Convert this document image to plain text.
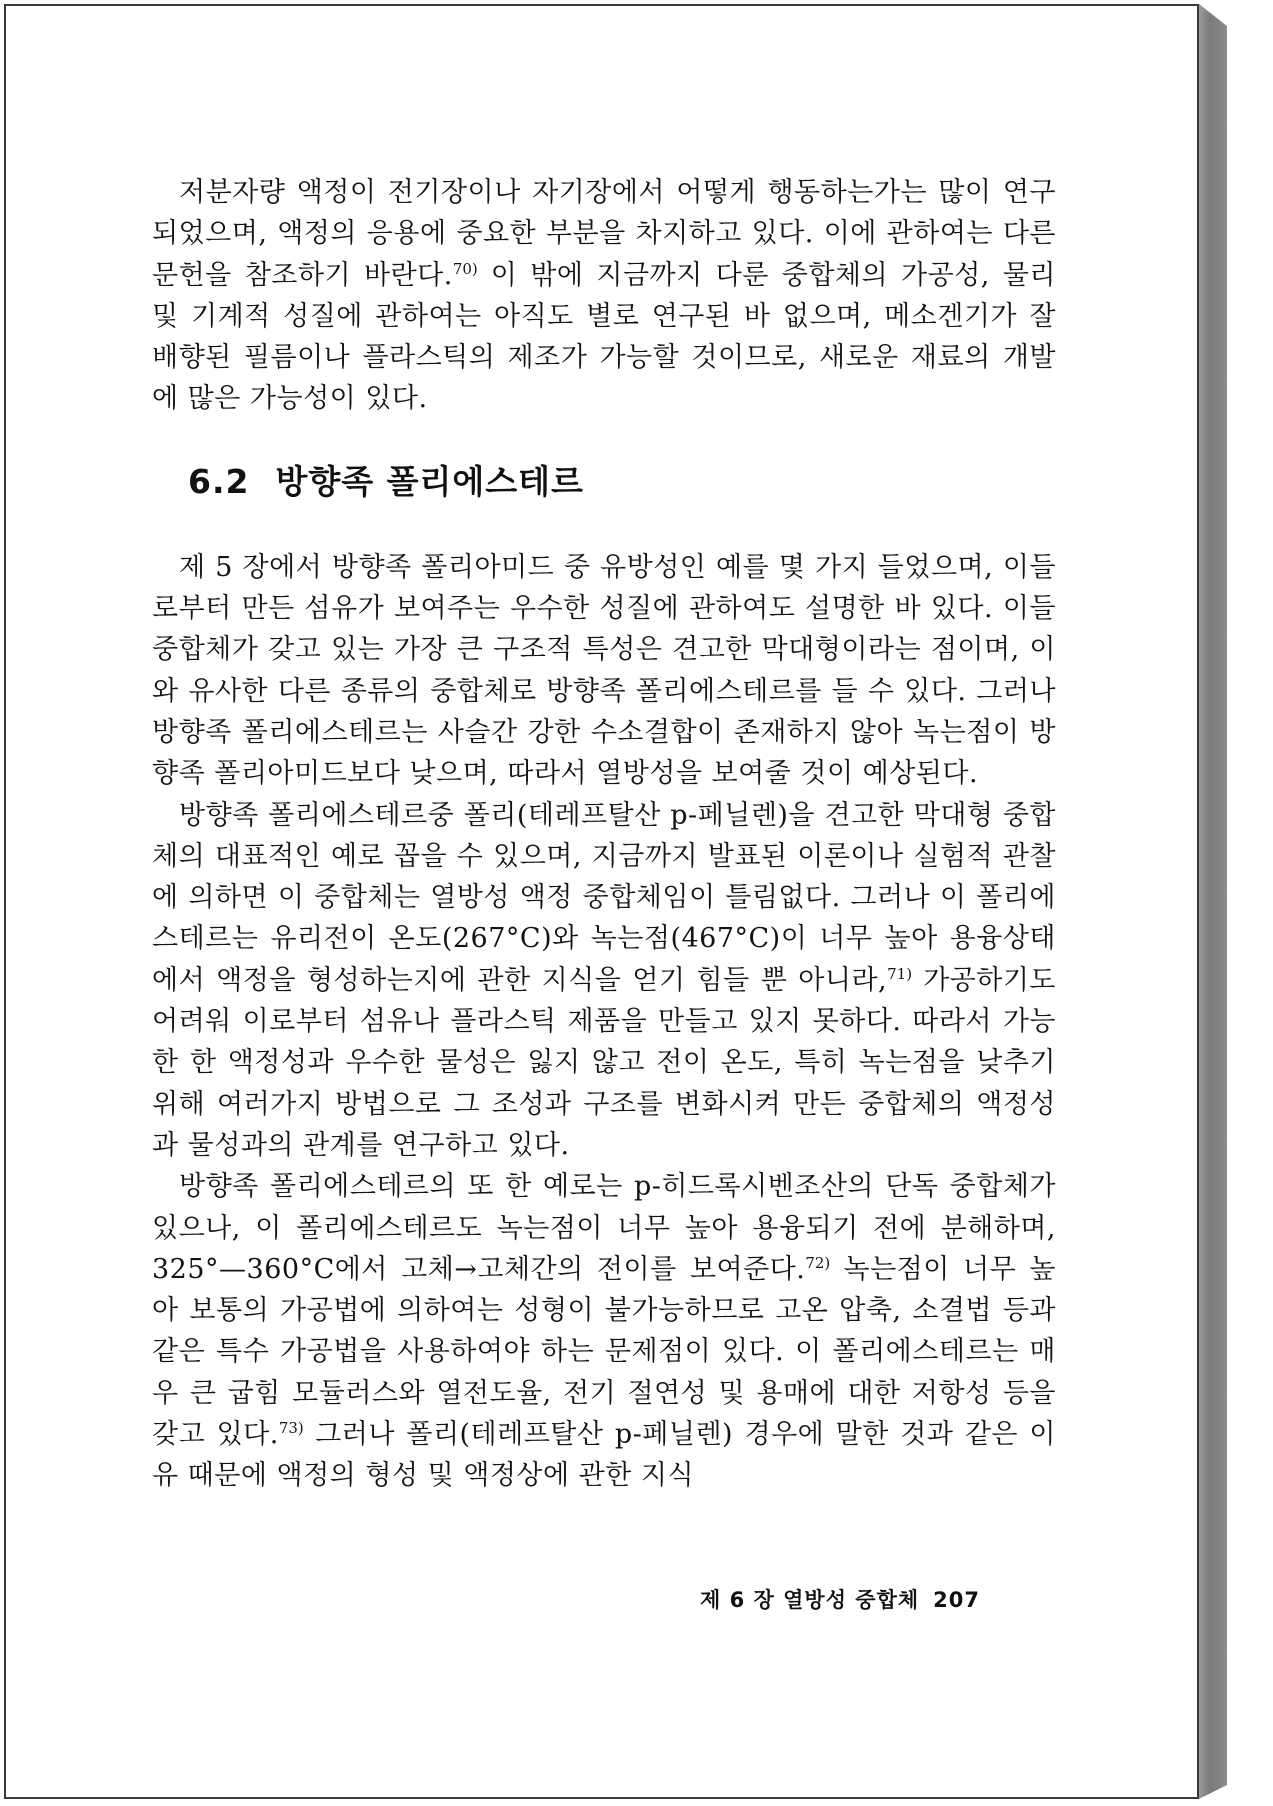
저분자량 액정이 전기장이나 자기장에서 어떻게 행동하는가는 많이 연구되었으며, 액정의 응용에 중요한 부분을 차지하고 있다. 이에 관하여는 다른 문헌을 참조하기 바란다.$^{70)}$ 이 밖에 지금까지 다룬 중합체의 가공성, 물리 및 기계적 성질에 관하여는 아직도 별로 연구된 바 없으며, 메소겐기가 잘 배향된 필름이나 플라스틱의 제조가 가능할 것이므로, 새로운 재료의 개발에 많은 가능성이 있다.

6.2 방향족 폴리에스테르

제 5 장에서 방향족 폴리아미드 중 유방성인 예를 몇 가지 들었으며, 이들로부터 만든 섬유가 보여주는 우수한 성질에 관하여도 설명한 바 있다. 이들 중합체가 갖고 있는 가장 큰 구조적 특성은 견고한 막대형이라는 점이며, 이와 유사한 다른 종류의 중합체로 방향족 폴리에스테르를 들 수 있다. 그러나 방향족 폴리에스테르는 사슬간 강한 수소결합이 존재하지 않아 녹는점이 방향족 폴리아미드보다 낮으며, 따라서 열방성을 보여줄 것이 예상된다.

방향족 폴리에스테르중 폴리(테레프탈산 p-페닐렌)을 견고한 막대형 중합체의 대표적인 예로 꼽을 수 있으며, 지금까지 발표된 이론이나 실험적 관찰에 의하면 이 중합체는 열방성 액정 중합체임이 틀림없다. 그러나 이 폴리에스테르는 유리전이 온도(267°C)와 녹는점(467°C)이 너무 높아 용융상태에서 액정을 형성하는지에 관한 지식을 얻기 힘들 뿐 아니라,$^{71)}$ 가공하기도 어려워 이로부터 섬유나 플라스틱 제품을 만들고 있지 못하다. 따라서 가능한 한 액정성과 우수한 물성은 잃지 않고 전이 온도, 특히 녹는점을 낮추기 위해 여러가지 방법으로 그 조성과 구조를 변화시켜 만든 중합체의 액정성과 물성과의 관계를 연구하고 있다.

방향족 폴리에스테르의 또 한 예로는 p-히드록시벤조산의 단독 중합체가 있으나, 이 폴리에스테르도 녹는점이 너무 높아 용융되기 전에 분해하며, 325°—360°C에서 고체→고체간의 전이를 보여준다.$^{72)}$ 녹는점이 너무 높아 보통의 가공법에 의하여는 성형이 불가능하므로 고온 압축, 소결법 등과 같은 특수 가공법을 사용하여야 하는 문제점이 있다. 이 폴리에스테르는 매우 큰 굽힘 모듈러스와 열전도율, 전기 절연성 및 용매에 대한 저항성 등을 갖고 있다.$^{73)}$ 그러나 폴리(테레프탈산 p-페닐렌) 경우에 말한 것과 같은 이유 때문에 액정의 형성 및 액정상에 관한 지식

제 6 장 열방성 중합체 207
